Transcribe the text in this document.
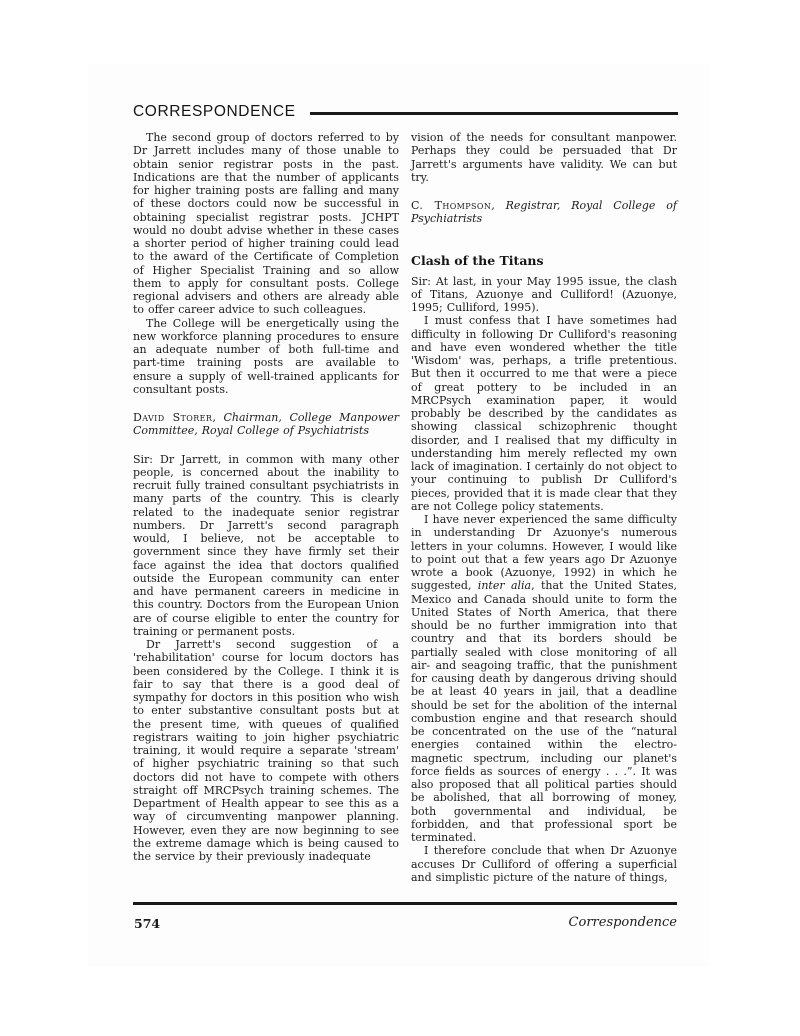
CORRESPONDENCE

The second group of doctors referred to by Dr Jarrett includes many of those unable to obtain senior registrar posts in the past. Indications are that the number of applicants for higher training posts are falling and many of these doctors could now be successful in obtaining specialist registrar posts. JCHPT would no doubt advise whether in these cases a shorter period of higher training could lead to the award of the Certificate of Completion of Higher Specialist Training and so allow them to apply for consultant posts. College regional advisers and others are already able to offer career advice to such colleagues.

The College will be energetically using the new workforce planning procedures to ensure an adequate number of both full-time and part-time training posts are available to ensure a supply of well-trained applicants for consultant posts.

David Storer, Chairman, College Manpower Committee, Royal College of Psychiatrists

Sir: Dr Jarrett, in common with many other people, is concerned about the inability to recruit fully trained consultant psychiatrists in many parts of the country. This is clearly related to the inadequate senior registrar numbers. Dr Jarrett's second paragraph would, I believe, not be acceptable to government since they have firmly set their face against the idea that doctors qualified outside the European community can enter and have permanent careers in medicine in this country. Doctors from the European Union are of course eligible to enter the country for training or permanent posts.

Dr Jarrett's second suggestion of a 'rehabilitation' course for locum doctors has been considered by the College. I think it is fair to say that there is a good deal of sympathy for doctors in this position who wish to enter substantive consultant posts but at the present time, with queues of qualified registrars waiting to join higher psychiatric training, it would require a separate 'stream' of higher psychiatric training so that such doctors did not have to compete with others straight off MRCPsych training schemes. The Department of Health appear to see this as a way of circumventing manpower planning. However, even they are now beginning to see the extreme damage which is being caused to the service by their previously inadequate

vision of the needs for consultant manpower. Perhaps they could be persuaded that Dr Jarrett's arguments have validity. We can but try.

C. Thompson, Registrar, Royal College of Psychiatrists

Clash of the Titans

Sir: At last, in your May 1995 issue, the clash of Titans, Azuonye and Culliford! (Azuonye, 1995; Culliford, 1995).

I must confess that I have sometimes had difficulty in following Dr Culliford's reasoning and have even wondered whether the title 'Wisdom' was, perhaps, a trifle pretentious. But then it occurred to me that were a piece of great pottery to be included in an MRCPsych examination paper, it would probably be described by the candidates as showing classical schizophrenic thought disorder, and I realised that my difficulty in understanding him merely reflected my own lack of imagination. I certainly do not object to your continuing to publish Dr Culliford's pieces, provided that it is made clear that they are not College policy statements.

I have never experienced the same difficulty in understanding Dr Azuonye's numerous letters in your columns. However, I would like to point out that a few years ago Dr Azuonye wrote a book (Azuonye, 1992) in which he suggested, inter alia, that the United States, Mexico and Canada should unite to form the United States of North America, that there should be no further immigration into that country and that its borders should be partially sealed with close monitoring of all air- and seagoing traffic, that the punishment for causing death by dangerous driving should be at least 40 years in jail, that a deadline should be set for the abolition of the internal combustion engine and that research should be concentrated on the use of the “natural energies contained within the electro-magnetic spectrum, including our planet's force fields as sources of energy . . .”. It was also proposed that all political parties should be abolished, that all borrowing of money, both governmental and individual, be forbidden, and that professional sport be terminated.

I therefore conclude that when Dr Azuonye accuses Dr Culliford of offering a superficial and simplistic picture of the nature of things,

574	Correspondence
